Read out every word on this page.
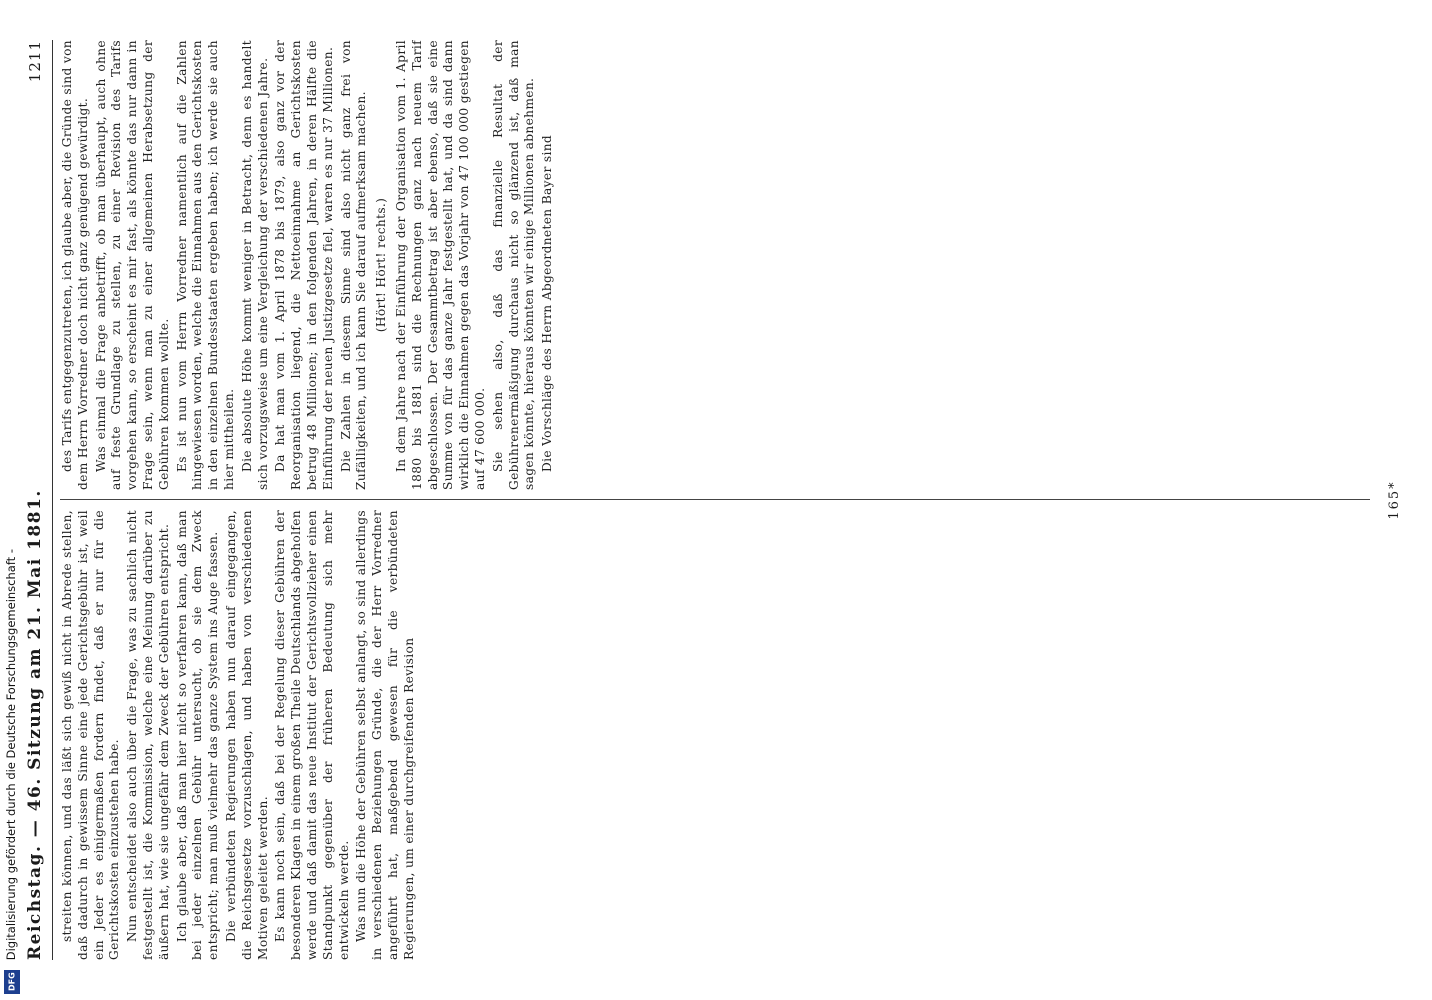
Reichstag. — 46. Sitzung am 21. Mai 1881.
1211

streiten können, und das läßt sich gewiß nicht in Abrede stellen, daß dadurch in gewissem Sinne eine jede Gerichtsgebühr ist, weil ein Jeder es einigermaßen fordern findet, daß er nur für die Gerichtskosten einzustehen habe. Nun entscheidet also auch über die Frage, was zu sachlich nicht festgestellt ist, die Kommission, welche eine Meinung darüber zu äußern hat, wie sie ungefähr dem Zweck der Gebühren entspricht. Ich glaube aber, daß man hier nicht so verfahren kann, daß man bei jeder einzelnen Gebühr untersucht, ob sie dem Zweck entspricht; man muß vielmehr das ganze System ins Auge fassen. Die verbündeten Regierungen haben nun darauf eingegangen, die Reichsgesetze vorzuschlagen, und haben von verschiedenen Motiven geleitet werden. Es kann noch sein, daß bei der Regelung dieser Gebühren der besonderen Klagen in einem großen Theile Deutschlands abgeholfen werde und daß damit das neue Institut der Gerichtsvollzieher einen Standpunkt gegenüber der früheren Bedeutung sich mehr entwickeln werde. Was nun die Höhe der Gebühren selbst anlangt, so sind allerdings in verschiedenen Beziehungen Gründe, die der Herr Vorredner angeführt hat, maßgebend gewesen für die verbündeten Regierungen, um einer durchgreifenden Revision

des Tarifs entgegenzutreten, ich glaube aber, die Gründe sind von dem Herrn Vorredner doch nicht ganz genügend gewürdigt. Was einmal die Frage anbetrifft, ob man überhaupt, auch ohne auf feste Grundlage zu stellen, zu einer Revision des Tarifs vorgehen kann, so erscheint es mir fast, als könnte das nur dann in Frage sein, wenn man zu einer allgemeinen Herabsetzung der Gebühren kommen wollte. Es ist nun vom Herrn Vorredner namentlich auf die Zahlen hingewiesen worden, welche die Einnahmen aus den Gerichtskosten in den einzelnen Bundesstaaten ergeben haben; ich werde sie auch hier mittheilen. Die absolute Höhe kommt weniger in Betracht, denn es handelt sich vorzugsweise um eine Vergleichung der verschiedenen Jahre. Da hat man vom 1. April 1878 bis 1879, also ganz vor der Reorganisation liegend, die Nettoeinnahme an Gerichtskosten betrug 48 Millionen; in den folgenden Jahren, in deren Hälfte die Einführung der neuen Justizgesetze fiel, waren es nur 37 Millionen. Die Zahlen in diesem Sinne sind also nicht ganz frei von Zufälligkeiten, und ich kann Sie darauf aufmerksam machen. (Hört! Hört! rechts.) In dem Jahre nach der Einführung der Organisation vom 1. April 1880 bis 1881 sind die Rechnungen ganz nach neuem Tarif abgeschlossen. Der Gesammtbetrag ist aber ebenso, daß sie eine Summe von für das ganze Jahr festgestellt hat, und da sind dann wirklich die Einnahmen gegen das Vorjahr von 47 100 000 gestiegen auf 47 600 000. Sie sehen also, daß das finanzielle Resultat der Gebührenermäßigung durchaus nicht so glänzend ist, daß man sagen könnte, hieraus könnten wir einige Millionen abnehmen. Die Vorschläge des Herrn Abgeordneten Bayer sind

165*
Digitalisierung gefördert durch die Deutsche Forschungsgemeinschaft -
DFG
